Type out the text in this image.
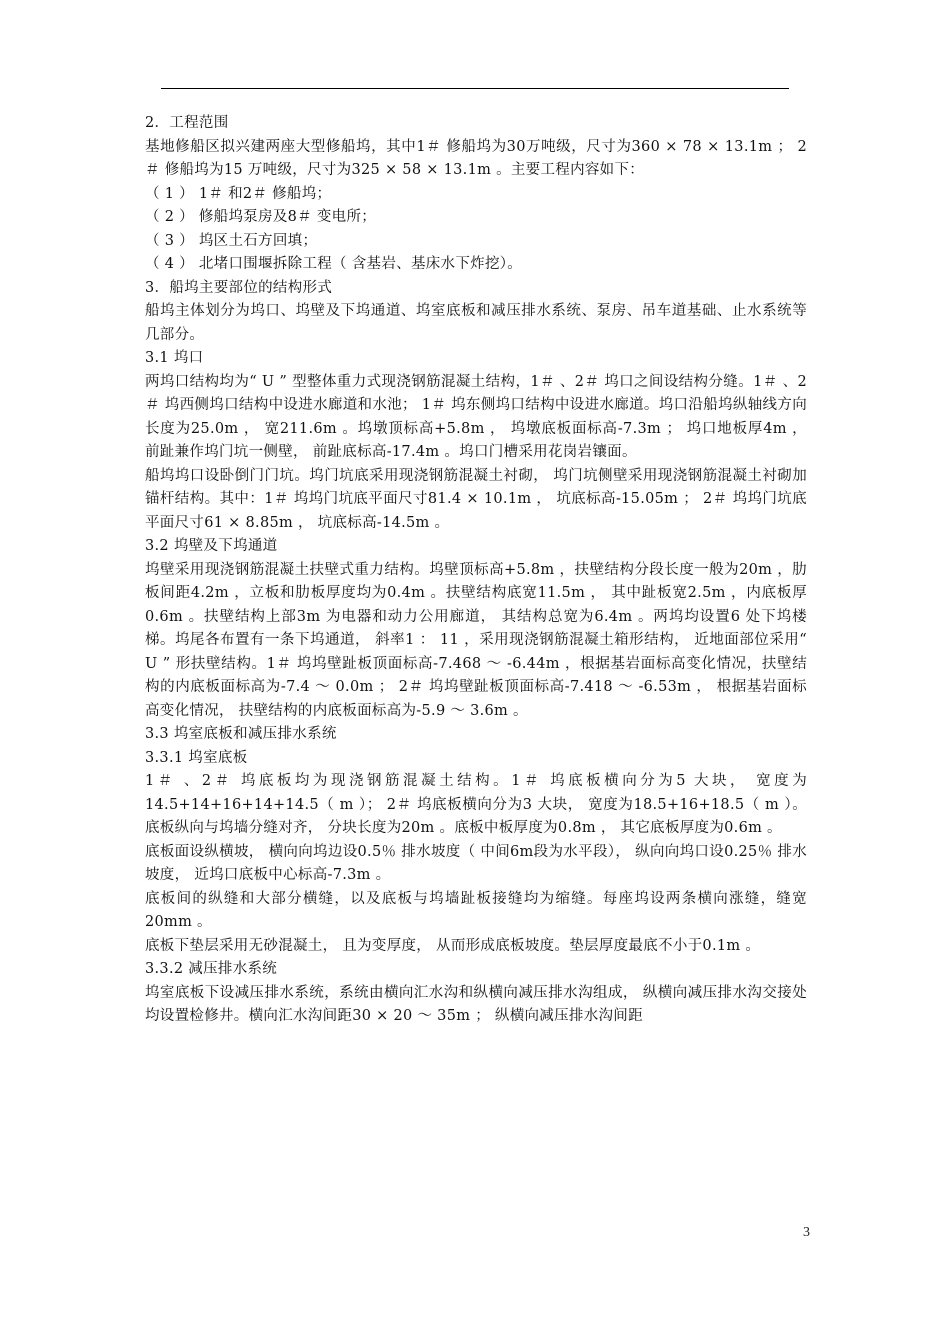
2．工程范围

基地修船区拟兴建两座大型修船坞，其中1＃ 修船坞为30万吨级，尺寸为360 × 78 × 13.1m ； 2＃ 修船坞为15 万吨级，尺寸为325 × 58 × 13.1m 。主要工程内容如下：

（ 1 ） 1＃ 和2＃ 修船坞；

（ 2 ） 修船坞泵房及8＃ 变电所；

（ 3 ） 坞区土石方回填；

（ 4 ） 北堵口围堰拆除工程（ 含基岩、基床水下炸挖）。

3．船坞主要部位的结构形式

船坞主体划分为坞口、坞壁及下坞通道、坞室底板和减压排水系统、泵房、吊车道基础、止水系统等几部分。

3.1 坞口

两坞口结构均为“ U ” 型整体重力式现浇钢筋混凝土结构，1＃ 、2＃ 坞口之间设结构分缝。1＃ 、2＃ 坞西侧坞口结构中设进水廊道和水池； 1＃ 坞东侧坞口结构中设进水廊道。坞口沿船坞纵轴线方向长度为25.0m ， 宽211.6m 。坞墩顶标高+5.8m ， 坞墩底板面标高-7.3m ； 坞口地板厚4m ， 前趾兼作坞门坑一侧壁， 前趾底标高-17.4m 。坞口门槽采用花岗岩镶面。

船坞坞口设卧倒门门坑。坞门坑底采用现浇钢筋混凝土衬砌， 坞门坑侧壁采用现浇钢筋混凝土衬砌加锚杆结构。其中：1＃ 坞坞门坑底平面尺寸81.4 × 10.1m ， 坑底标高-15.05m ； 2＃ 坞坞门坑底平面尺寸61 × 8.85m ， 坑底标高-14.5m 。

3.2 坞壁及下坞通道

坞壁采用现浇钢筋混凝土扶壁式重力结构。坞壁顶标高+5.8m ，扶壁结构分段长度一般为20m ，肋板间距4.2m ，立板和肋板厚度均为0.4m 。扶壁结构底宽11.5m ， 其中趾板宽2.5m ，内底板厚0.6m 。扶壁结构上部3m 为电器和动力公用廊道， 其结构总宽为6.4m 。两坞均设置6 处下坞楼梯。坞尾各布置有一条下坞通道， 斜率1 ： 11 ，采用现浇钢筋混凝土箱形结构， 近地面部位采用“ U ” 形扶壁结构。1＃ 坞坞壁趾板顶面标高-7.468 ～ -6.44m ，根据基岩面标高变化情况，扶壁结构的内底板面标高为-7.4 ～ 0.0m ； 2＃ 坞坞壁趾板顶面标高-7.418 ～ -6.53m ， 根据基岩面标高变化情况， 扶壁结构的内底板面标高为-5.9 ～ 3.6m 。

3.3 坞室底板和减压排水系统

3.3.1 坞室底板

1＃ 、2＃ 坞底板均为现浇钢筋混凝土结构。1＃ 坞底板横向分为5 大块， 宽度为14.5+14+16+14+14.5（ m ）； 2＃ 坞底板横向分为3 大块， 宽度为18.5+16+18.5（ m ）。底板纵向与坞墙分缝对齐， 分块长度为20m 。底板中板厚度为0.8m ， 其它底板厚度为0.6m 。

底板面设纵横坡， 横向向坞边设0.5％ 排水坡度（ 中间6m段为水平段）， 纵向向坞口设0.25％ 排水坡度， 近坞口底板中心标高-7.3m 。

底板间的纵缝和大部分横缝，以及底板与坞墙趾板接缝均为缩缝。每座坞设两条横向涨缝，缝宽20mm 。

底板下垫层采用无砂混凝土， 且为变厚度， 从而形成底板坡度。垫层厚度最底不小于0.1m 。

3.3.2 减压排水系统

坞室底板下设减压排水系统，系统由横向汇水沟和纵横向减压排水沟组成， 纵横向减压排水沟交接处均设置检修井。横向汇水沟间距30 × 20 ～ 35m ； 纵横向减压排水沟间距

3
